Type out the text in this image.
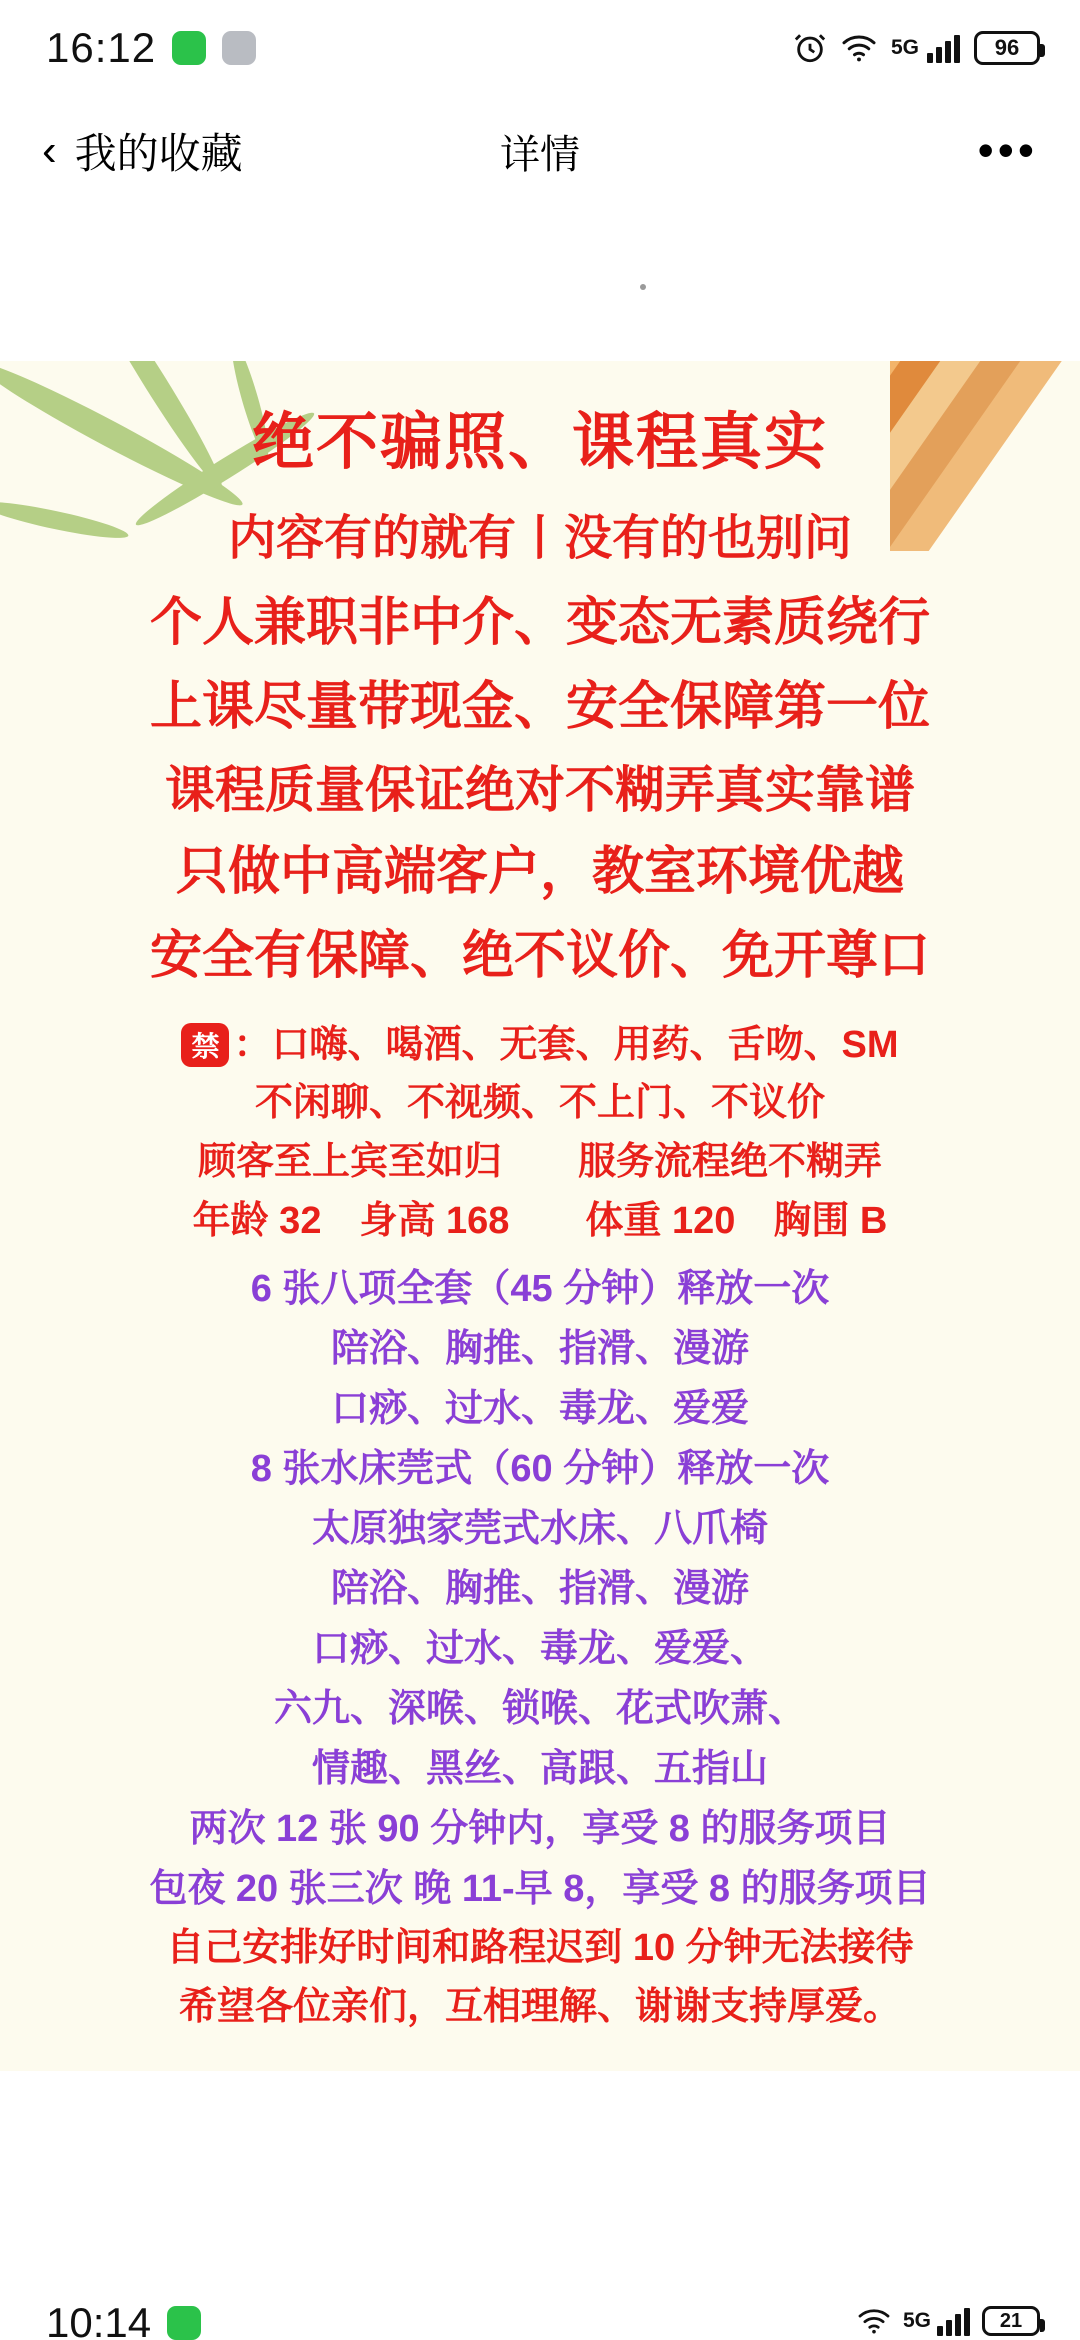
16:12	5G	96
‹ 我的收藏	详情	•••
绝不骗照、课程真实
内容有的就有丨没有的也别问
个人兼职非中介、变态无素质绕行
上课尽量带现金、安全保障第一位
课程质量保证绝对不糊弄真实靠谱
只做中高端客户，教室环境优越
安全有保障、绝不议价、免开尊口
禁 ：口嗨、喝酒、无套、用药、舌吻、SM
不闲聊、不视频、不上门、不议价
顾客至上宾至如归　　服务流程绝不糊弄
年龄 32　身高 168　　体重 120　胸围 B
6 张八项全套（45 分钟）释放一次
陪浴、胸推、指滑、漫游
口痧、过水、毒龙、爱爱
8 张水床莞式（60 分钟）释放一次
太原独家莞式水床、八爪椅
陪浴、胸推、指滑、漫游
口痧、过水、毒龙、爱爱、
六九、深喉、锁喉、花式吹萧、
情趣、黑丝、高跟、五指山
两次 12 张 90 分钟内，享受 8 的服务项目
包夜 20 张三次 晚 11-早 8，享受 8 的服务项目
自己安排好时间和路程迟到 10 分钟无法接待
希望各位亲们，互相理解、谢谢支持厚爱。
10:14	5G	21
